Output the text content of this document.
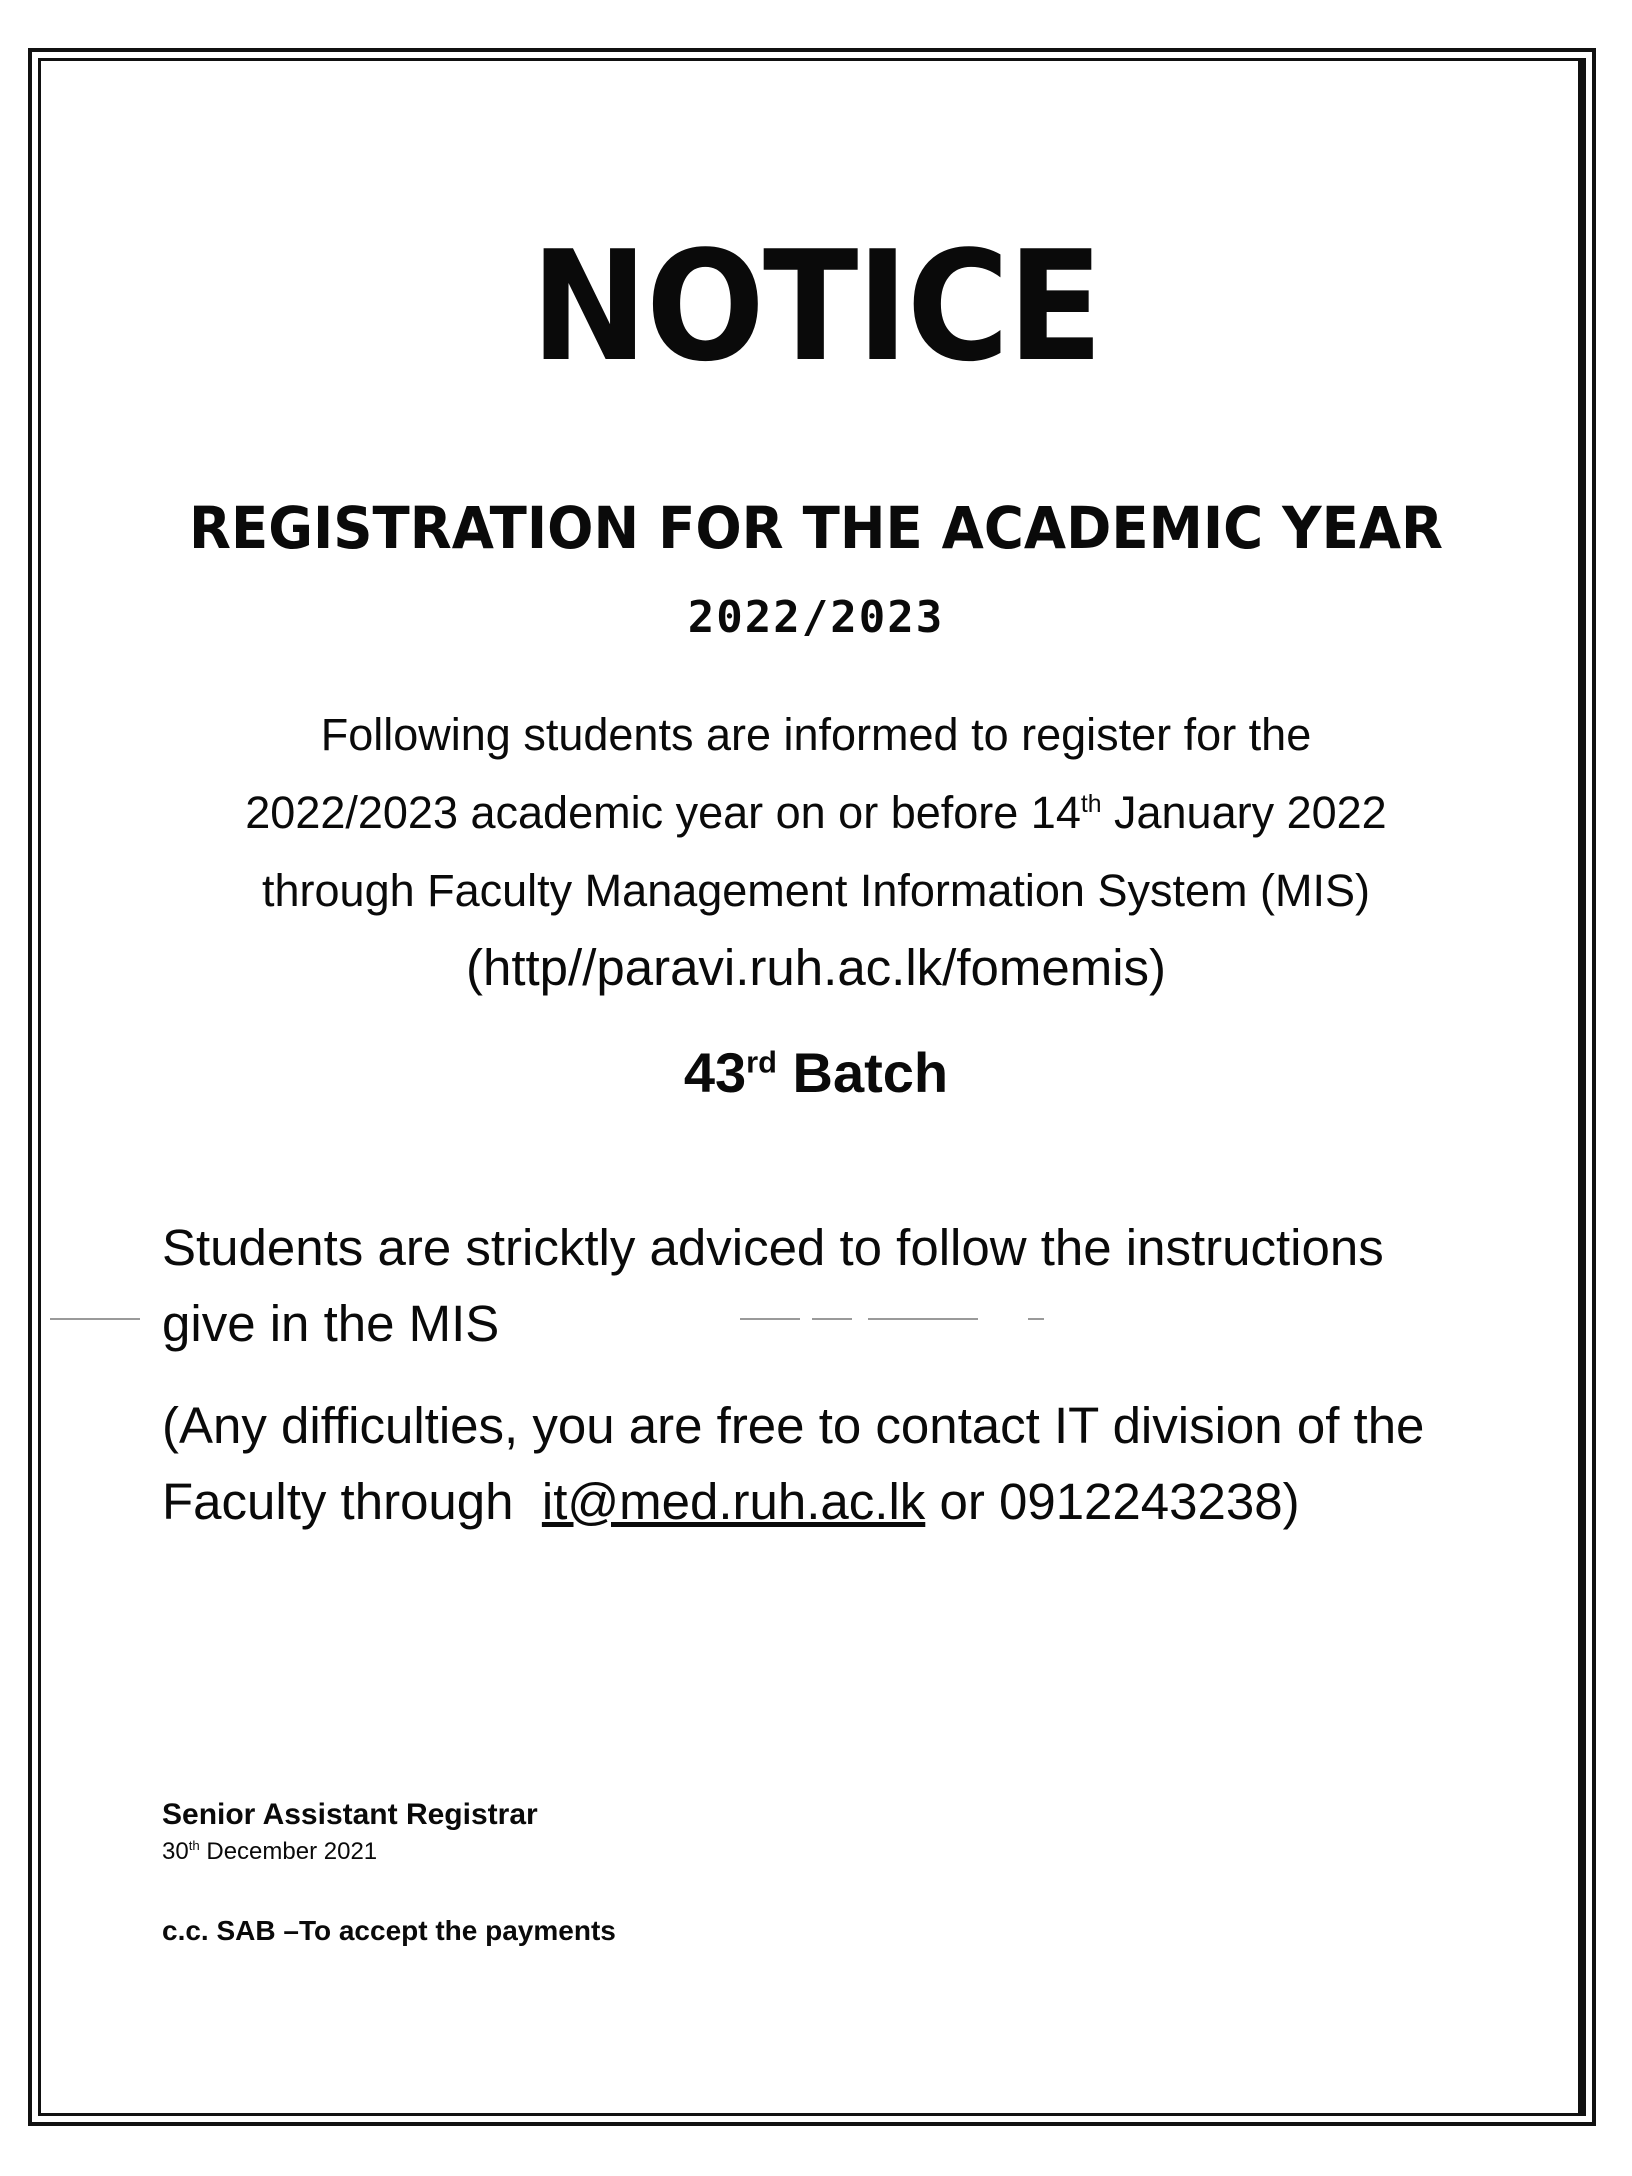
NOTICE
REGISTRATION FOR THE ACADEMIC YEAR
2022/2023

Following students are informed to register for the

2022/2023 academic year on or before 14th January 2022

through Faculty Management Information System (MIS)

(http//paravi.ruh.ac.lk/fomemis)
43rd Batch

Students are stricktly adviced to follow the instructions

give in the MIS

(Any difficulties, you are free to contact IT division of the

Faculty through  it@med.ruh.ac.lk or 0912243238)

Senior Assistant Registrar
30th December 2021
c.c. SAB –To accept the payments
